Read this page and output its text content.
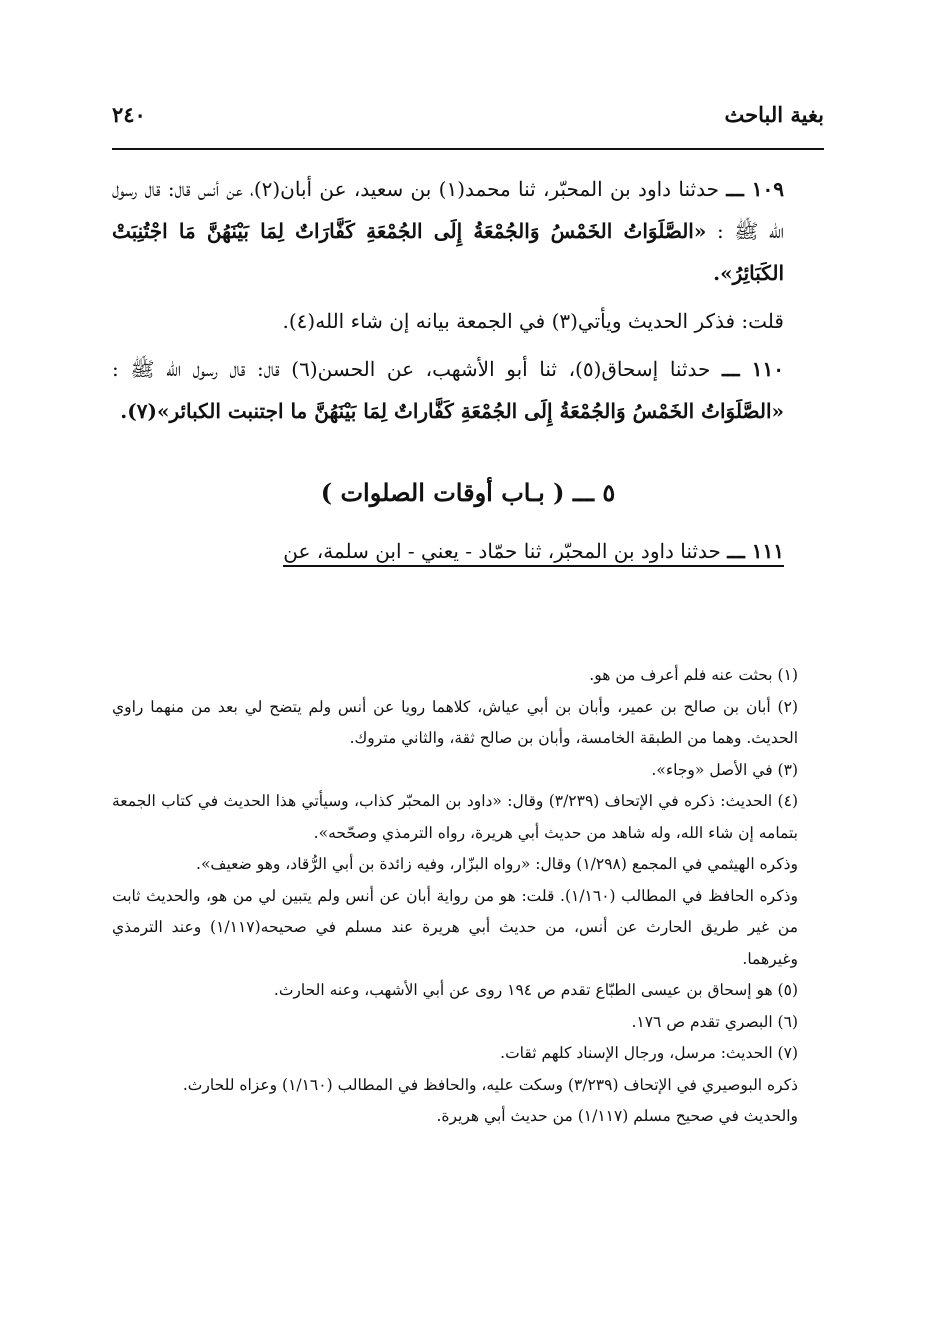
بغية الباحث
٢٤٠

١٠٩ ـــ حدثنا داود بن المحبّر، ثنا محمد(١) بن سعيد، عن أبان(٢)، عن أنس قال: قال رسول الله ﷺ : «الصَّلَوَاتُ الخَمْسُ وَالجُمْعَةُ إِلَى الجُمْعَةِ كَفَّارَاتٌ لِمَا بَيْنَهُنَّ مَا اجْتُنِبَتْ الكَبَائِرُ».

قلت: فذكر الحديث ويأتي(٣) في الجمعة بيانه إن شاء الله(٤).

١١٠ ـــ حدثنا إسحاق(٥)، ثنا أبو الأشهب، عن الحسن(٦) قال: قال رسول الله ﷺ : «الصَّلَوَاتُ الخَمْسُ وَالجُمْعَةُ إِلَى الجُمْعَةِ كَفَّاراتٌ لِمَا بَيْنَهُنَّ ما اجتنبت الكبائر»(٧).

٥ ـــ ( بـاب أوقات الصلوات )

١١١ ـــ حدثنا داود بن المحبّر، ثنا حمّاد - يعني - ابن سلمة، عن

(١) بحثت عنه فلم أعرف من هو.

(٢) أبان بن صالح بن عمير، وأبان بن أبي عياش، كلاهما رويا عن أنس ولم يتضح لي بعد من منهما راوي الحديث. وهما من الطبقة الخامسة، وأبان بن صالح ثقة، والثاني متروك.

(٣) في الأصل «وجاء».

(٤) الحديث: ذكره في الإتحاف (٣/٢٣٩) وقال: «داود بن المحبّر كذاب، وسيأتي هذا الحديث في كتاب الجمعة بتمامه إن شاء الله، وله شاهد من حديث أبي هريرة، رواه الترمذي وصحّحه».

وذكره الهيثمي في المجمع (١/٢٩٨) وقال: «رواه البزّار، وفيه زائدة بن أبي الرُّقاد، وهو ضعيف».

وذكره الحافظ في المطالب (١/١٦٠). قلت: هو من رواية أبان عن أنس ولم يتبين لي من هو، والحديث ثابت من غير طريق الحارث عن أنس، من حديث أبي هريرة عند مسلم في صحيحه(١/١١٧) وعند الترمذي وغيرهما.

(٥) هو إسحاق بن عيسى الطبّاع تقدم ص ١٩٤ روى عن أبي الأشهب، وعنه الحارث.

(٦) البصري تقدم ص ١٧٦.

(٧) الحديث: مرسل، ورجال الإسناد كلهم ثقات.

ذكره البوصيري في الإتحاف (٣/٢٣٩) وسكت عليه، والحافظ في المطالب (١/١٦٠) وعزاه للحارث.

والحديث في صحيح مسلم (١/١١٧) من حديث أبي هريرة.
